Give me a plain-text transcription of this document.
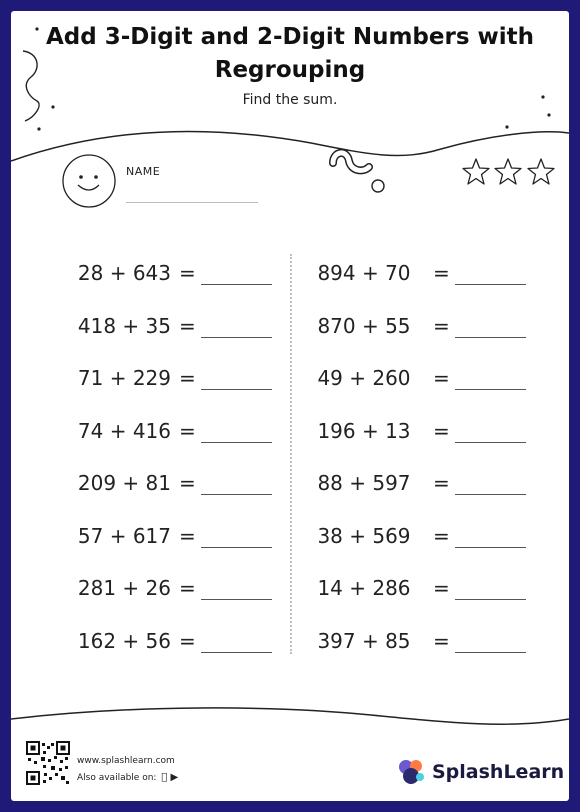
Add 3-Digit and 2-Digit Numbers with
Regrouping
Find the sum.
NAME
28 + 643 =
418 + 35 =
71 + 229 =
74 + 416 =
209 + 81 =
57 + 617 =
281 + 26 =
162 + 56 =
894 + 70	=
870 + 55	=
49 + 260	=
196 + 13	=
88 + 597	=
38 + 569	=
14 + 286	=
397 + 85	=
www.splashlearn.com
Also available on: ▶	SplashLearn
